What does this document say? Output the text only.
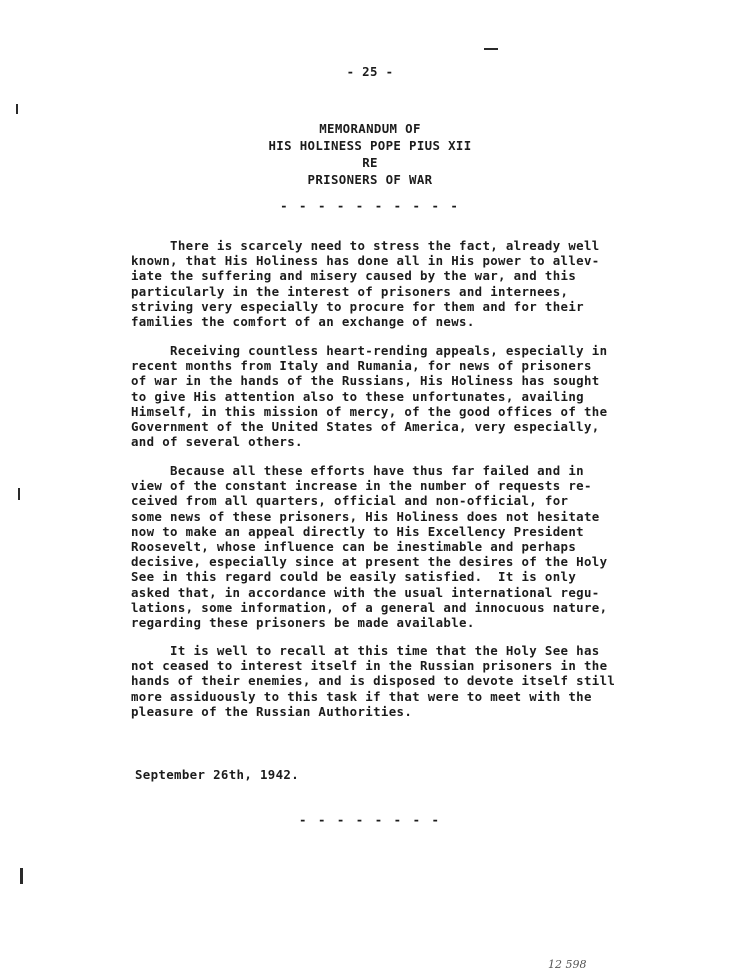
- 25 -
MEMORANDUM OF
HIS HOLINESS POPE PIUS XII
RE
PRISONERS OF WAR
- - - - - - - - - -
There is scarcely need to stress the fact, already well
known, that His Holiness has done all in His power to allev-
iate the suffering and misery caused by the war, and this
particularly in the interest of prisoners and internees,
striving very especially to procure for them and for their
families the comfort of an exchange of news.
Receiving countless heart-rending appeals, especially in
recent months from Italy and Rumania, for news of prisoners
of war in the hands of the Russians, His Holiness has sought
to give His attention also to these unfortunates, availing
Himself, in this mission of mercy, of the good offices of the
Government of the United States of America, very especially,
and of several others.
Because all these efforts have thus far failed and in
view of the constant increase in the number of requests re-
ceived from all quarters, official and non-official, for
some news of these prisoners, His Holiness does not hesitate
now to make an appeal directly to His Excellency President
Roosevelt, whose influence can be inestimable and perhaps
decisive, especially since at present the desires of the Holy
See in this regard could be easily satisfied.  It is only
asked that, in accordance with the usual international regu-
lations, some information, of a general and innocuous nature,
regarding these prisoners be made available.
It is well to recall at this time that the Holy See has
not ceased to interest itself in the Russian prisoners in the
hands of their enemies, and is disposed to devote itself still
more assiduously to this task if that were to meet with the
pleasure of the Russian Authorities.
September 26th, 1942.
- - - - - - - -
12 598
